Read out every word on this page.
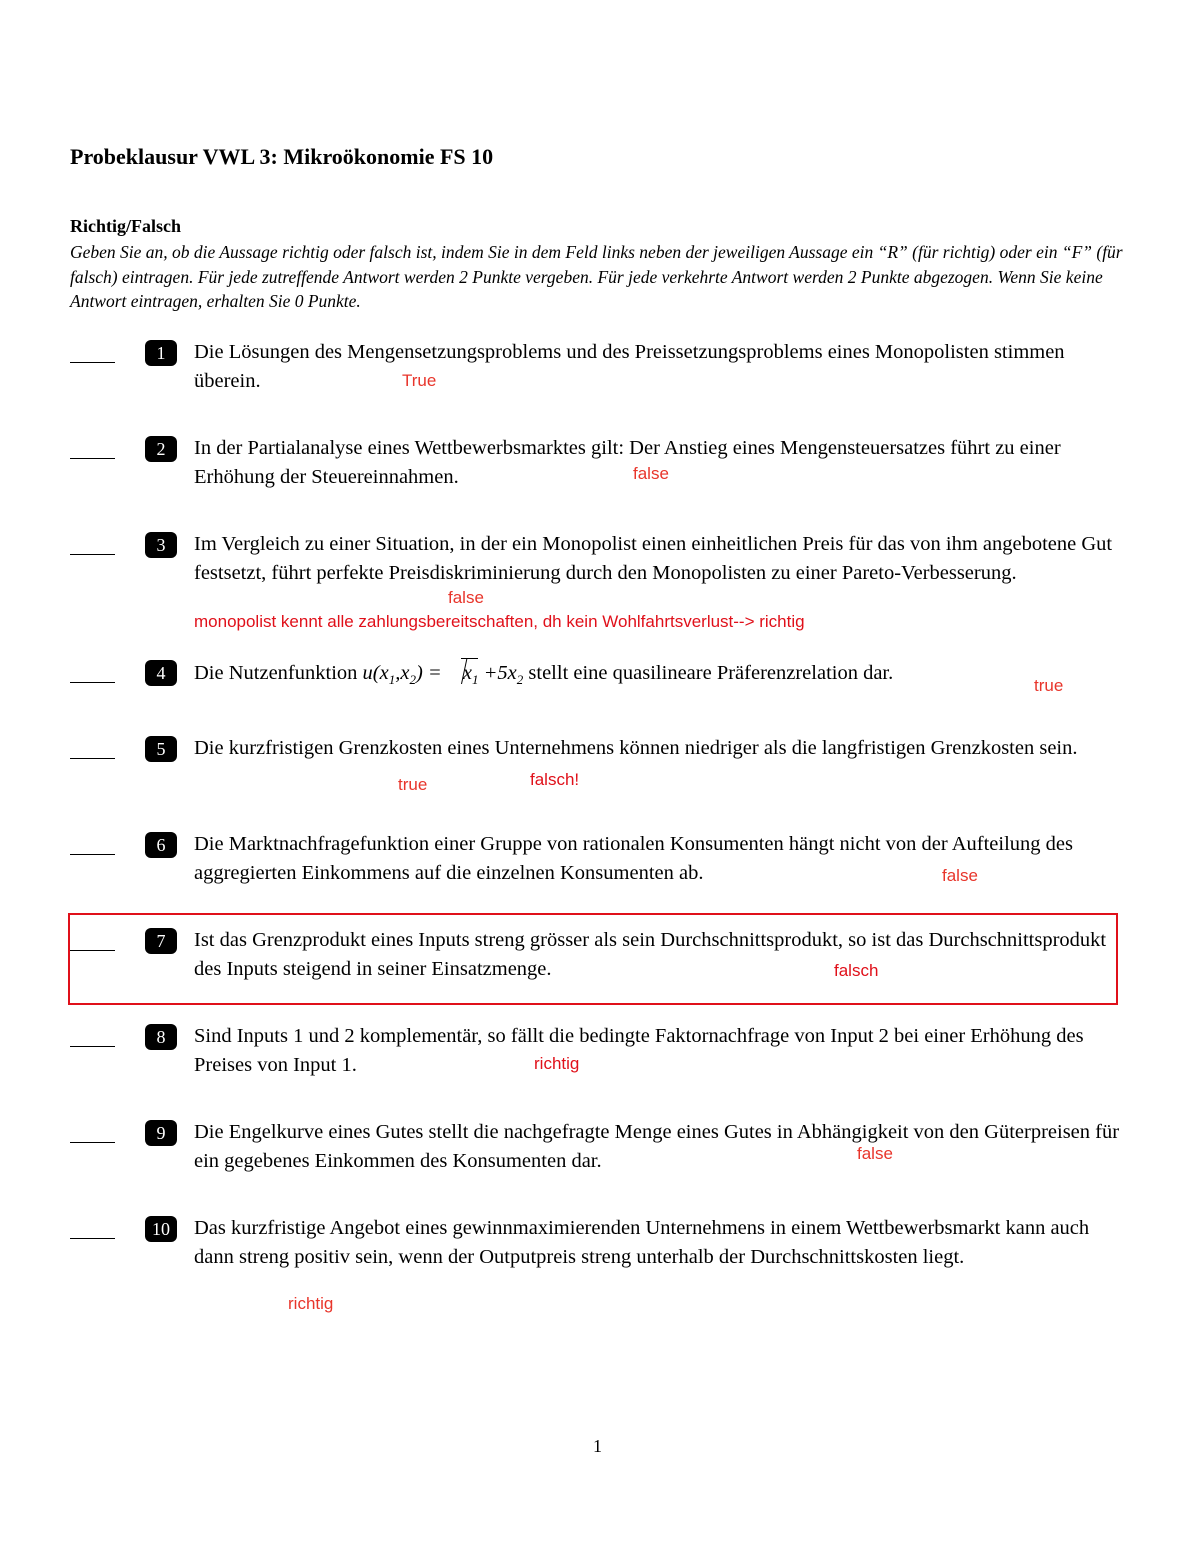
Probeklausur VWL 3: Mikroökonomie FS 10
Richtig/Falsch
Geben Sie an, ob die Aussage richtig oder falsch ist, indem Sie in dem Feld links neben der jeweiligen Aussage ein “R” (für richtig) oder ein “F” (für falsch) eintragen. Für jede zutreffende Antwort werden 2 Punkte vergeben. Für jede verkehrte Antwort werden 2 Punkte abgezogen. Wenn Sie keine Antwort eintragen, erhalten Sie 0 Punkte.
1	Die Lösungen des Mengensetzungsproblems und des Preissetzungsproblems eines Monopolisten stimmen überein.
2	In der Partialanalyse eines Wettbewerbsmarktes gilt: Der Anstieg eines Mengensteuersatzes führt zu einer Erhöhung der Steuereinnahmen.
3	Im Vergleich zu einer Situation, in der ein Monopolist einen einheitlichen Preis für das von ihm angebotene Gut festsetzt, führt perfekte Preisdiskriminierung durch den Monopolisten zu einer Pareto-Verbesserung.
4	Die Nutzenfunktion $u(x_1,x_2) = x_1 +5x_2$ stellt eine quasilineare Präferenzrelation dar.
5	Die kurzfristigen Grenzkosten eines Unternehmens können niedriger als die langfristigen Grenzkosten sein.
6	Die Marktnachfragefunktion einer Gruppe von rationalen Konsumenten hängt nicht von der Aufteilung des aggregierten Einkommens auf die einzelnen Konsumenten ab.
7	Ist das Grenzprodukt eines Inputs streng grösser als sein Durchschnittsprodukt, so ist das Durchschnittsprodukt des Inputs steigend in seiner Einsatzmenge.
8	Sind Inputs 1 und 2 komplementär, so fällt die bedingte Faktornachfrage von Input 2 bei einer Erhöhung des Preises von Input 1.
9	Die Engelkurve eines Gutes stellt die nachgefragte Menge eines Gutes in Abhängigkeit von den Güterpreisen für ein gegebenes Einkommen des Konsumenten dar.
10	Das kurzfristige Angebot eines gewinnmaximierenden Unternehmens in einem Wettbewerbsmarkt kann auch dann streng positiv sein, wenn der Outputpreis streng unterhalb der Durchschnittskosten liegt.
True
false
false
monopolist kennt alle zahlungsbereitschaften, dh kein Wohlfahrtsverlust--> richtig
true
true	falsch!
false
falsch
richtig
false
richtig
1
